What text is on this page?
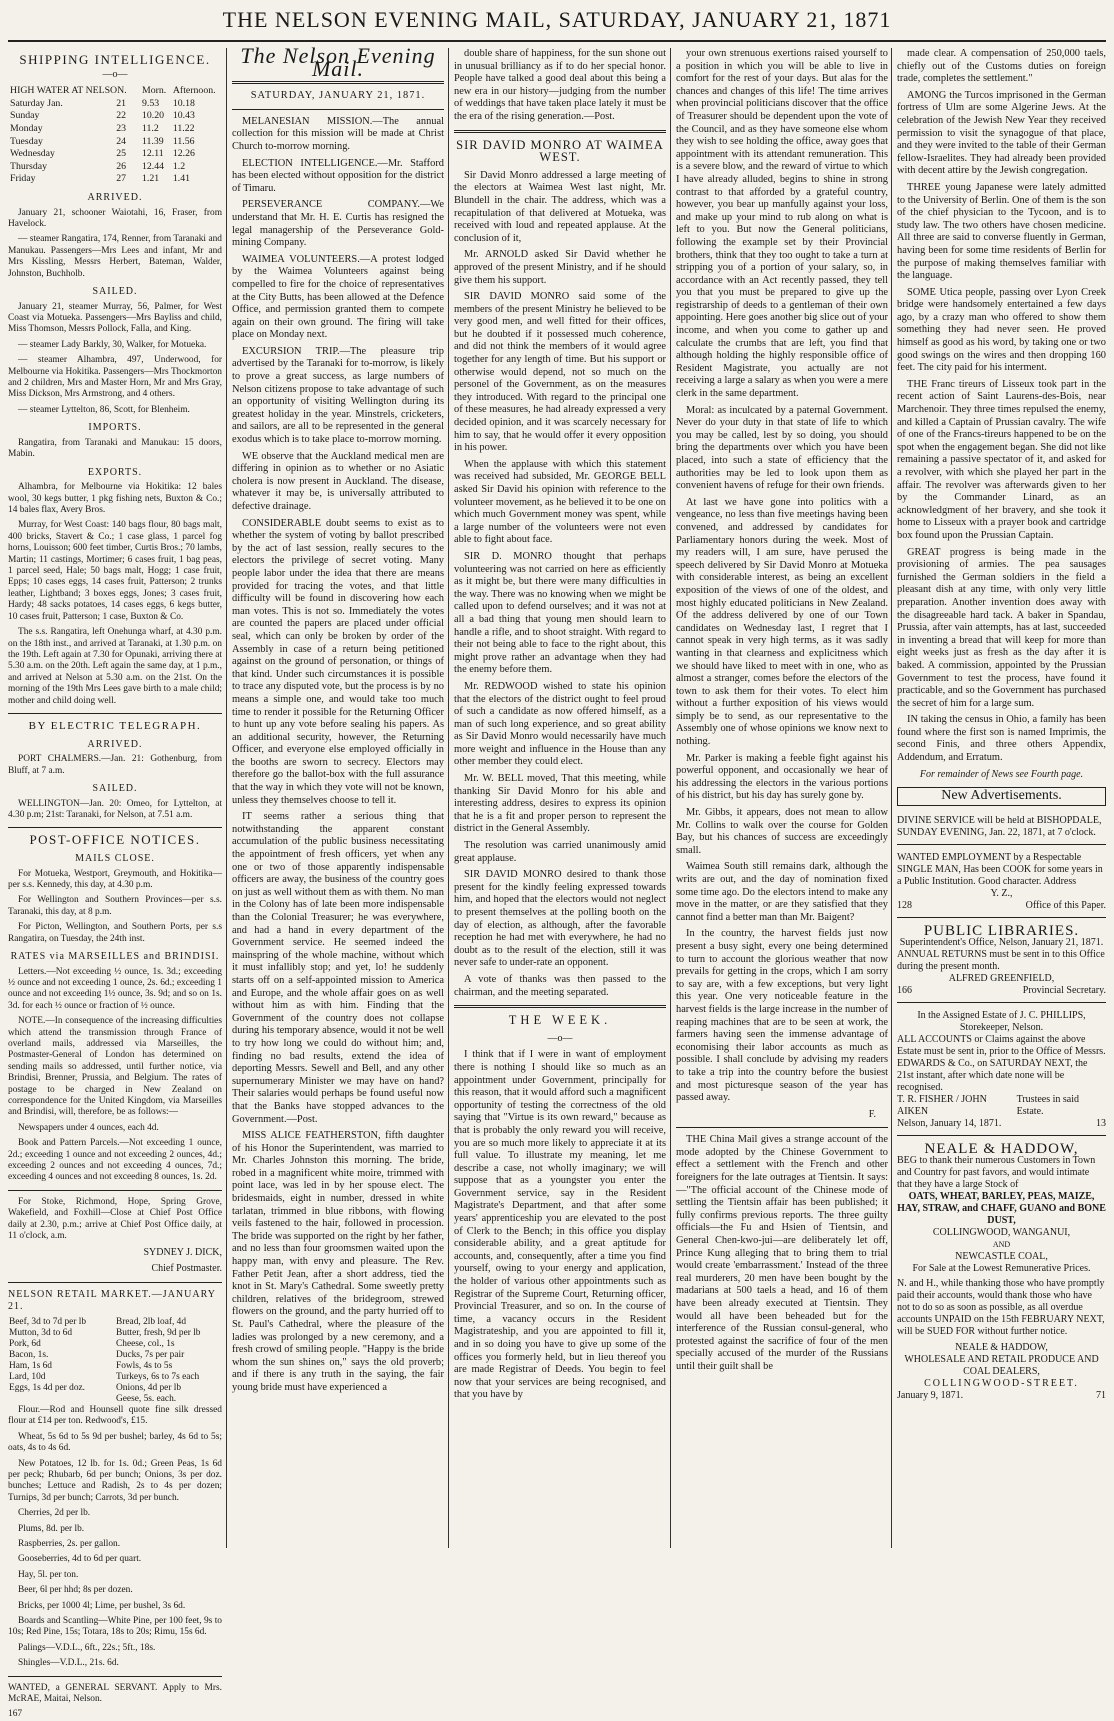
THE NELSON EVENING MAIL, SATURDAY, JANUARY 21, 1871
SHIPPING INTELLIGENCE.
—o—
HIGH WATER AT NELSON.		Morn.	Afternoon.
Saturday Jan.	21	9.53	10.18
Sunday	22	10.20	10.43
Monday	23	11.2	11.22
Tuesday	24	11.39	11.56
Wednesday	25	12.11	12.26
Thursday	26	12.44	1.2
Friday	27	1.21	1.41
ARRIVED.

January 21, schooner Waiotahi, 16, Fraser, from Havelock.

— steamer Rangatira, 174, Renner, from Taranaki and Manukau. Passengers—Mrs Lees and infant, Mr and Mrs Kissling, Messrs Herbert, Bateman, Walder, Johnston, Buchholb.

SAILED.

January 21, steamer Murray, 56, Palmer, for West Coast via Motueka. Passengers—Mrs Bayliss and child, Miss Thomson, Messrs Pollock, Falla, and King.

— steamer Lady Barkly, 30, Walker, for Motueka.

— steamer Alhambra, 497, Underwood, for Melbourne via Hokitika. Passengers—Mrs Thockmorton and 2 children, Mrs and Master Horn, Mr and Mrs Gray, Miss Dickson, Mrs Armstrong, and 4 others.

— steamer Lyttelton, 86, Scott, for Blenheim.

IMPORTS.

Rangatira, from Taranaki and Manukau: 15 doors, Mabin.

EXPORTS.

Alhambra, for Melbourne via Hokitika: 12 bales wool, 30 kegs butter, 1 pkg fishing nets, Buxton & Co.; 14 bales flax, Avery Bros.

Murray, for West Coast: 140 bags flour, 80 bags malt, 400 bricks, Stavert & Co.; 1 case glass, 1 parcel fog horns, Louisson; 600 feet timber, Curtis Bros.; 70 lambs, Martin; 11 castings, Mortimer; 6 cases fruit, 1 bag peas, 1 parcel seed, Hale; 50 bags malt, Hogg; 1 case fruit, Epps; 10 cases eggs, 14 cases fruit, Patterson; 2 trunks leather, Lightband; 3 boxes eggs, Jones; 3 cases fruit, Hardy; 48 sacks potatoes, 14 cases eggs, 6 kegs butter, 10 cases fruit, Patterson; 1 case, Buxton & Co.

The s.s. Rangatira, left Onehunga wharf, at 4.30 p.m. on the 18th inst., and arrived at Taranaki, at 1.30 p.m. on the 19th. Left again at 7.30 for Opunaki, arriving there at 5.30 a.m. on the 20th. Left again the same day, at 1 p.m., and arrived at Nelson at 5.30 a.m. on the 21st. On the morning of the 19th Mrs Lees gave birth to a male child; mother and child doing well.

BY ELECTRIC TELEGRAPH.
ARRIVED.

PORT CHALMERS.—Jan. 21: Gothenburg, from Bluff, at 7 a.m.

SAILED.

WELLINGTON—Jan. 20: Omeo, for Lyttelton, at 4.30 p.m; 21st: Taranaki, for Nelson, at 7.51 a.m.

POST-OFFICE NOTICES.
MAILS CLOSE.

For Motueka, Westport, Greymouth, and Hokitika—per s.s. Kennedy, this day, at 4.30 p.m.

For Wellington and Southern Provinces—per s.s. Taranaki, this day, at 8 p.m.

For Picton, Wellington, and Southern Ports, per s.s Rangatira, on Tuesday, the 24th inst.

RATES via MARSEILLES and BRINDISI.

Letters.—Not exceeding ½ ounce, 1s. 3d.; exceeding ½ ounce and not exceeding 1 ounce, 2s. 6d.; exceeding 1 ounce and not exceeding 1½ ounce, 3s. 9d; and so on 1s. 3d. for each ½ ounce or fraction of ½ ounce.

NOTE.—In consequence of the increasing difficulties which attend the transmission through France of overland mails, addressed via Marseilles, the Postmaster-General of London has determined on sending mails so addressed, until further notice, via Brindisi, Brenner, Prussia, and Belgium. The rates of postage to be charged in New Zealand on correspondence for the United Kingdom, via Marseilles and Brindisi, will, therefore, be as follows:—

Newspapers under 4 ounces, each 4d.

Book and Pattern Parcels.—Not exceeding 1 ounce, 2d.; exceeding 1 ounce and not exceeding 2 ounces, 4d.; exceeding 2 ounces and not exceeding 4 ounces, 7d.; exceeding 4 ounces and not exceeding 8 ounces, 1s. 2d.

For Stoke, Richmond, Hope, Spring Grove, Wakefield, and Foxhill—Close at Chief Post Office daily at 2.30, p.m.; arrive at Chief Post Office daily, at 11 o'clock, a.m.

SYDNEY J. DICK,
Chief Postmaster.
NELSON RETAIL MARKET.—JANUARY 21.
Beef, 3d to 7d per lb	Bread, 2lb loaf, 4d
Mutton, 3d to 6d	Butter, fresh, 9d per lb
Pork, 6d	Cheese, col., 1s
Bacon, 1s.	Ducks, 7s per pair
Ham, 1s 6d	Fowls, 4s to 5s
Lard, 10d	Turkeys, 6s to 7s each
Eggs, 1s 4d per doz.	Onions, 4d per lb
	Geese, 5s. each.

Flour.—Rod and Hounsell quote fine silk dressed flour at £14 per ton. Redwood's, £15.

Wheat, 5s 6d to 5s 9d per bushel; barley, 4s 6d to 5s; oats, 4s to 4s 6d.

New Potatoes, 12 lb. for 1s. 0d.; Green Peas, 1s 6d per peck; Rhubarb, 6d per bunch; Onions, 3s per doz. bunches; Lettuce and Radish, 2s to 4s per dozen; Turnips, 3d per bunch; Carrots, 3d per bunch.

Cherries, 2d per lb.

Plums, 8d. per lb.

Raspberries, 2s. per gallon.

Gooseberries, 4d to 6d per quart.

Hay, 5l. per ton.

Beer, 6l per hhd; 8s per dozen.

Bricks, per 1000 4l; Lime, per bushel, 3s 6d.

Boards and Scantling—White Pine, per 100 feet, 9s to 10s; Red Pine, 15s; Totara, 18s to 20s; Rimu, 15s 6d.

Palings—V.D.L., 6ft., 22s.; 5ft., 18s.

Shingles—V.D.L., 21s. 6d.

WANTED, a GENERAL SERVANT. Apply to Mrs. McRAE, Maitai, Nelson.

167
The Nelson Evening Mail.
SATURDAY, JANUARY 21, 1871.

MELANESIAN MISSION.—The annual collection for this mission will be made at Christ Church to-morrow morning.

ELECTION INTELLIGENCE.—Mr. Stafford has been elected without opposition for the district of Timaru.

PERSEVERANCE COMPANY.—We understand that Mr. H. E. Curtis has resigned the legal managership of the Perseverance Gold-mining Company.

WAIMEA VOLUNTEERS.—A protest lodged by the Waimea Volunteers against being compelled to fire for the choice of representatives at the City Butts, has been allowed at the Defence Office, and permission granted them to compete again on their own ground. The firing will take place on Monday next.

EXCURSION TRIP.—The pleasure trip advertised by the Taranaki for to-morrow, is likely to prove a great success, as large numbers of Nelson citizens propose to take advantage of such an opportunity of visiting Wellington during its greatest holiday in the year. Minstrels, cricketers, and sailors, are all to be represented in the general exodus which is to take place to-morrow morning.

WE observe that the Auckland medical men are differing in opinion as to whether or no Asiatic cholera is now present in Auckland. The disease, whatever it may be, is universally attributed to defective drainage.

CONSIDERABLE doubt seems to exist as to whether the system of voting by ballot prescribed by the act of last session, really secures to the electors the privilege of secret voting. Many people labor under the idea that there are means provided for tracing the votes, and that little difficulty will be found in discovering how each man votes. This is not so. Immediately the votes are counted the papers are placed under official seal, which can only be broken by order of the Assembly in case of a return being petitioned against on the ground of personation, or things of that kind. Under such circumstances it is possible to trace any disputed vote, but the process is by no means a simple one, and would take too much time to render it possible for the Returning Officer to hunt up any vote before sealing his papers. As an additional security, however, the Returning Officer, and everyone else employed officially in the booths are sworn to secrecy. Electors may therefore go the ballot-box with the full assurance that the way in which they vote will not be known, unless they themselves choose to tell it.

IT seems rather a serious thing that notwithstanding the apparent constant accumulation of the public business necessitating the appointment of fresh officers, yet when any one or two of those apparently indispensable officers are away, the business of the country goes on just as well without them as with them. No man in the Colony has of late been more indispensable than the Colonial Treasurer; he was everywhere, and had a hand in every department of the Government service. He seemed indeed the mainspring of the whole machine, without which it must infallibly stop; and yet, lo! he suddenly starts off on a self-appointed mission to America and Europe, and the whole affair goes on as well without him as with him. Finding that the Government of the country does not collapse during his temporary absence, would it not be well to try how long we could do without him; and, finding no bad results, extend the idea of deporting Messrs. Sewell and Bell, and any other supernumerary Minister we may have on hand? Their salaries would perhaps be found useful now that the Banks have stopped advances to the Government.—Post.

MISS ALICE FEATHERSTON, fifth daughter of his Honor the Superintendent, was married to Mr. Charles Johnston this morning. The bride, robed in a magnificent white moire, trimmed with point lace, was led in by her spouse elect. The bridesmaids, eight in number, dressed in white tarlatan, trimmed in blue ribbons, with flowing veils fastened to the hair, followed in procession. The bride was supported on the right by her father, and no less than four groomsmen waited upon the happy man, with envy and pleasure. The Rev. Father Petit Jean, after a short address, tied the knot in St. Mary's Cathedral. Some sweetly pretty children, relatives of the bridegroom, strewed flowers on the ground, and the party hurried off to St. Paul's Cathedral, where the pleasure of the ladies was prolonged by a new ceremony, and a fresh crowd of smiling people. "Happy is the bride whom the sun shines on," says the old proverb; and if there is any truth in the saying, the fair young bride must have experienced a

double share of happiness, for the sun shone out in unusual brilliancy as if to do her special honor. People have talked a good deal about this being a new era in our history—judging from the number of weddings that have taken place lately it must be the era of the rising generation.—Post.

SIR DAVID MONRO AT WAIMEA WEST.

Sir David Monro addressed a large meeting of the electors at Waimea West last night, Mr. Blundell in the chair. The address, which was a recapitulation of that delivered at Motueka, was received with loud and repeated applause. At the conclusion of it,

Mr. ARNOLD asked Sir David whether he approved of the present Ministry, and if he should give them his support.

SIR DAVID MONRO said some of the members of the present Ministry he believed to be very good men, and well fitted for their offices, but he doubted if it possessed much coherence, and did not think the members of it would agree together for any length of time. But his support or otherwise would depend, not so much on the personel of the Government, as on the measures they introduced. With regard to the principal one of these measures, he had already expressed a very decided opinion, and it was scarcely necessary for him to say, that he would offer it every opposition in his power.

When the applause with which this statement was received had subsided, Mr. GEORGE BELL asked Sir David his opinion with reference to the volunteer movement, as he believed it to be one on which much Government money was spent, while a large number of the volunteers were not even able to fight about face.

SIR D. MONRO thought that perhaps volunteering was not carried on here as efficiently as it might be, but there were many difficulties in the way. There was no knowing when we might be called upon to defend ourselves; and it was not at all a bad thing that young men should learn to handle a rifle, and to shoot straight. With regard to their not being able to face to the right about, this might prove rather an advantage when they had the enemy before them.

Mr. REDWOOD wished to state his opinion that the electors of the district ought to feel proud of such a candidate as now offered himself, as a man of such long experience, and so great ability as Sir David Monro would necessarily have much more weight and influence in the House than any other member they could elect.

Mr. W. BELL moved, That this meeting, while thanking Sir David Monro for his able and interesting address, desires to express its opinion that he is a fit and proper person to represent the district in the General Assembly.

The resolution was carried unanimously amid great applause.

SIR DAVID MONRO desired to thank those present for the kindly feeling expressed towards him, and hoped that the electors would not neglect to present themselves at the polling booth on the day of election, as although, after the favorable reception he had met with everywhere, he had no doubt as to the result of the election, still it was never safe to under-rate an opponent.

A vote of thanks was then passed to the chairman, and the meeting separated.

THE WEEK.
—o—

I think that if I were in want of employment there is nothing I should like so much as an appointment under Government, principally for this reason, that it would afford such a magnificent opportunity of testing the correctness of the old saying that "Virtue is its own reward," because as that is probably the only reward you will receive, you are so much more likely to appreciate it at its full value. To illustrate my meaning, let me describe a case, not wholly imaginary; we will suppose that as a youngster you enter the Government service, say in the Resident Magistrate's Department, and that after some years' apprenticeship you are elevated to the post of Clerk to the Bench; in this office you display considerable ability, and a great aptitude for accounts, and, consequently, after a time you find yourself, owing to your energy and application, the holder of various other appointments such as Registrar of the Supreme Court, Returning officer, Provincial Treasurer, and so on. In the course of time, a vacancy occurs in the Resident Magistrateship, and you are appointed to fill it, and in so doing you have to give up some of the offices you formerly held, but in lieu thereof you are made Registrar of Deeds. You begin to feel now that your services are being recognised, and that you have by

your own strenuous exertions raised yourself to a position in which you will be able to live in comfort for the rest of your days. But alas for the chances and changes of this life! The time arrives when provincial politicians discover that the office of Treasurer should be dependent upon the vote of the Council, and as they have someone else whom they wish to see holding the office, away goes that appointment with its attendant remuneration. This is a severe blow, and the reward of virtue to which I have already alluded, begins to shine in strong contrast to that afforded by a grateful country, however, you bear up manfully against your loss, and make up your mind to rub along on what is left to you. But now the General politicians, following the example set by their Provincial brothers, think that they too ought to take a turn at stripping you of a portion of your salary, so, in accordance with an Act recently passed, they tell you that you must be prepared to give up the registrarship of deeds to a gentleman of their own appointing. Here goes another big slice out of your income, and when you come to gather up and calculate the crumbs that are left, you find that although holding the highly responsible office of Resident Magistrate, you actually are not receiving a large a salary as when you were a mere clerk in the same department.

Moral: as inculcated by a paternal Government. Never do your duty in that state of life to which you may be called, lest by so doing, you should bring the departments over which you have been placed, into such a state of efficiency that the authorities may be led to look upon them as convenient havens of refuge for their own friends.

At last we have gone into politics with a vengeance, no less than five meetings having been convened, and addressed by candidates for Parliamentary honors during the week. Most of my readers will, I am sure, have perused the speech delivered by Sir David Monro at Motueka with considerable interest, as being an excellent exposition of the views of one of the oldest, and most highly educated politicians in New Zealand. Of the address delivered by one of our Town candidates on Wednesday last, I regret that I cannot speak in very high terms, as it was sadly wanting in that clearness and explicitness which we should have liked to meet with in one, who as almost a stranger, comes before the electors of the town to ask them for their votes. To elect him without a further exposition of his views would simply be to send, as our representative to the Assembly one of whose opinions we know next to nothing.

Mr. Parker is making a feeble fight against his powerful opponent, and occasionally we hear of his addressing the electors in the various portions of his district, but his day has surely gone by.

Mr. Gibbs, it appears, does not mean to allow Mr. Collins to walk over the course for Golden Bay, but his chances of success are exceedingly small.

Waimea South still remains dark, although the writs are out, and the day of nomination fixed some time ago. Do the electors intend to make any move in the matter, or are they satisfied that they cannot find a better man than Mr. Baigent?

In the country, the harvest fields just now present a busy sight, every one being determined to turn to account the glorious weather that now prevails for getting in the crops, which I am sorry to say are, with a few exceptions, but very light this year. One very noticeable feature in the harvest fields is the large increase in the number of reaping machines that are to be seen at work, the farmers having seen the immense advantage of economising their labor accounts as much as possible. I shall conclude by advising my readers to take a trip into the country before the busiest and most picturesque season of the year has passed away.

F.

THE China Mail gives a strange account of the mode adopted by the Chinese Government to effect a settlement with the French and other foreigners for the late outrages at Tientsin. It says:—"The official account of the Chinese mode of settling the Tientsin affair has been published; it fully confirms previous reports. The three guilty officials—the Fu and Hsien of Tientsin, and General Chen-kwo-jui—are deliberately let off, Prince Kung alleging that to bring them to trial would create 'embarrassment.' Instead of the three real murderers, 20 men have been bought by the madarians at 500 taels a head, and 16 of them have been already executed at Tientsin. They would all have been beheaded but for the interference of the Russian consul-general, who protested against the sacrifice of four of the men specially accused of the murder of the Russians until their guilt shall be

made clear. A compensation of 250,000 taels, chiefly out of the Customs duties on foreign trade, completes the settlement."

AMONG the Turcos imprisoned in the German fortress of Ulm are some Algerine Jews. At the celebration of the Jewish New Year they received permission to visit the synagogue of that place, and they were invited to the table of their German fellow-Israelites. They had already been provided with decent attire by the Jewish congregation.

THREE young Japanese were lately admitted to the University of Berlin. One of them is the son of the chief physician to the Tycoon, and is to study law. The two others have chosen medicine. All three are said to converse fluently in German, having been for some time residents of Berlin for the purpose of making themselves familiar with the language.

SOME Utica people, passing over Lyon Creek bridge were handsomely entertained a few days ago, by a crazy man who offered to show them something they had never seen. He proved himself as good as his word, by taking one or two good swings on the wires and then dropping 160 feet. The city paid for his interment.

THE Franc tireurs of Lisseux took part in the recent action of Saint Laurens-des-Bois, near Marchenoir. They three times repulsed the enemy, and killed a Captain of Prussian cavalry. The wife of one of the Francs-tireurs happened to be on the spot when the engagement began. She did not like remaining a passive spectator of it, and asked for a revolver, with which she played her part in the affair. The revolver was afterwards given to her by the Commander Linard, as an acknowledgment of her bravery, and she took it home to Lisseux with a prayer book and cartridge box found upon the Prussian Captain.

GREAT progress is being made in the provisioning of armies. The pea sausages furnished the German soldiers in the field a pleasant dish at any time, with only very little preparation. Another invention does away with the disagreeable hard tack. A baker in Spandau, Prussia, after vain attempts, has at last, succeeded in inventing a bread that will keep for more than eight weeks just as fresh as the day after it is baked. A commission, appointed by the Prussian Government to test the process, have found it practicable, and so the Government has purchased the secret of him for a large sum.

IN taking the census in Ohio, a family has been found where the first son is named Imprimis, the second Finis, and three others Appendix, Addendum, and Erratum.

For remainder of News see Fourth page.
New Advertisements.
DIVINE SERVICE will be held at BISHOPDALE, SUNDAY EVENING, Jan. 22, 1871, at 7 o'clock.
WANTED EMPLOYMENT by a Respectable SINGLE MAN, Has been COOK for some years in a Public Institution. Good character. Address
Y. Z.,
128	Office of this Paper.
PUBLIC LIBRARIES.
Superintendent's Office, Nelson, January 21, 1871.
ANNUAL RETURNS must be sent in to this Office during the present month.
ALFRED GREENFIELD,
166	Provincial Secretary.
In the Assigned Estate of J. C. PHILLIPS, Storekeeper, Nelson.
ALL ACCOUNTS or Claims against the above Estate must be sent in, prior to the Office of Messrs. EDWARDS & Co., on SATURDAY NEXT, the 21st instant, after which date none will be recognised.
T. R. FISHER / JOHN AIKEN
Trustees in said Estate.
Nelson, January 14, 1871.	13
NEALE & HADDOW,
BEG to thank their numerous Customers in Town and Country for past favors, and would intimate that they have a large Stock of
OATS, WHEAT, BARLEY, PEAS, MAIZE, HAY, STRAW, and CHAFF, GUANO and BONE DUST,
COLLINGWOOD, WANGANUI,
AND
NEWCASTLE COAL,
For Sale at the Lowest Remunerative Prices.
N. and H., while thanking those who have promptly paid their accounts, would thank those who have not to do so as soon as possible, as all overdue accounts UNPAID on the 15th FEBRUARY NEXT, will be SUED FOR without further notice.
NEALE & HADDOW,
WHOLESALE AND RETAIL PRODUCE AND COAL DEALERS,
COLLINGWOOD-STREET.
January 9, 1871.	71
